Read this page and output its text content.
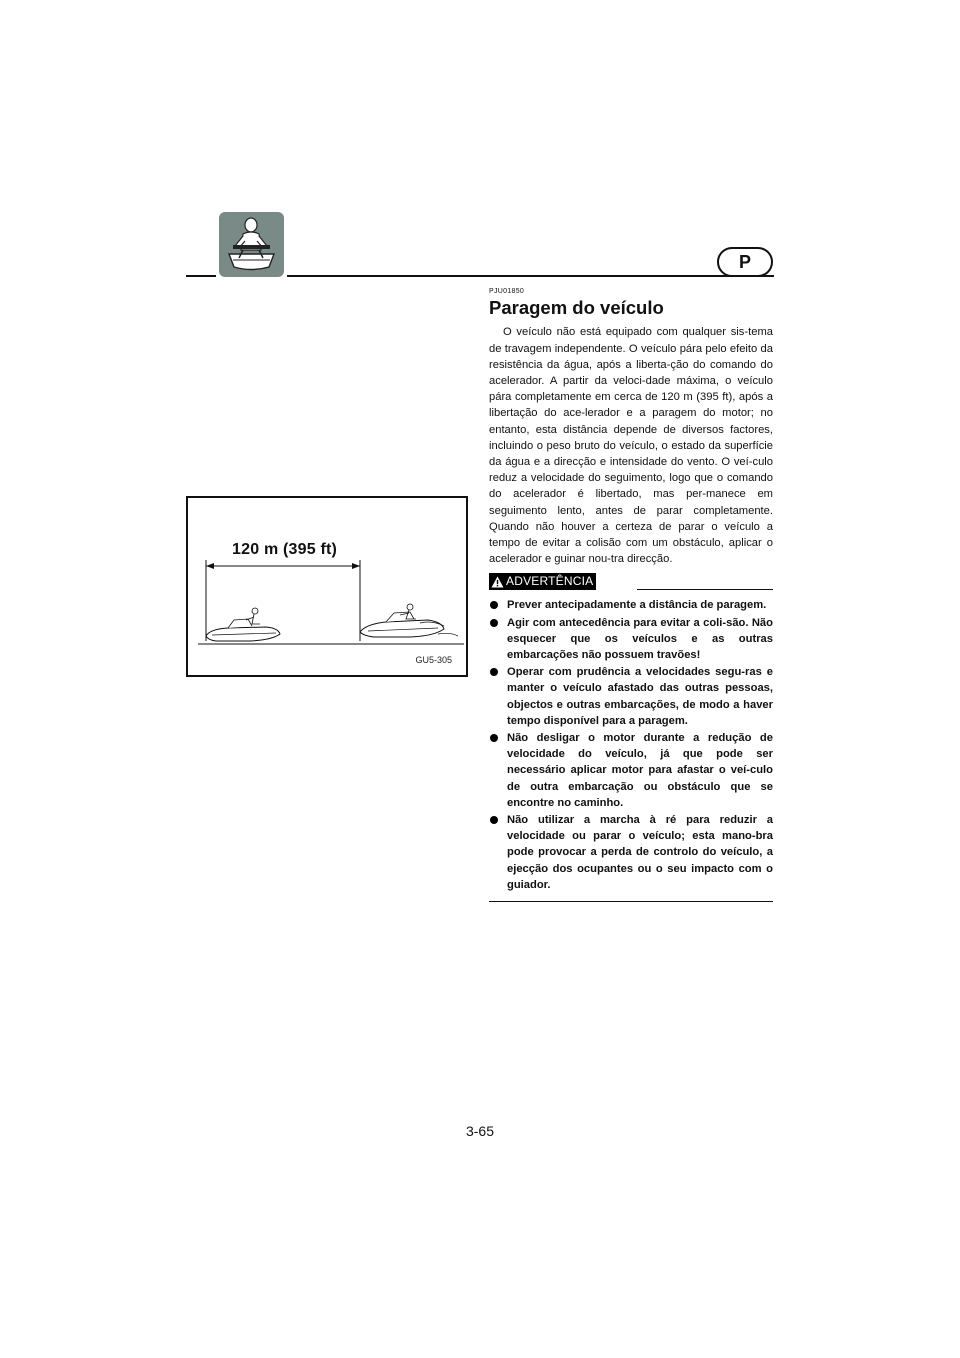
P
120 m (395 ft)
GU5-305

PJU01850

Paragem do veículo

O veículo não está equipado com qualquer sis-tema de travagem independente. O veículo pára pelo efeito da resistência da água, após a liberta-ção do comando do acelerador. A partir da veloci-dade máxima, o veículo pára completamente em cerca de 120 m (395 ft), após a libertação do ace-lerador e a paragem do motor; no entanto, esta distância depende de diversos factores, incluindo o peso bruto do veículo, o estado da superfície da água e a direcção e intensidade do vento. O veí-culo reduz a velocidade do seguimento, logo que o comando do acelerador é libertado, mas per-manece em seguimento lento, antes de parar completamente. Quando não houver a certeza de parar o veículo a tempo de evitar a colisão com um obstáculo, aplicar o acelerador e guinar nou-tra direcção.

ADVERTÊNCIA
Prever antecipadamente a distância de paragem.
Agir com antecedência para evitar a coli-são. Não esquecer que os veículos e as outras embarcações não possuem travões!
Operar com prudência a velocidades segu-ras e manter o veículo afastado das outras pessoas, objectos e outras embarcações, de modo a haver tempo disponível para a paragem.
Não desligar o motor durante a redução de velocidade do veículo, já que pode ser necessário aplicar motor para afastar o veí-culo de outra embarcação ou obstáculo que se encontre no caminho.
Não utilizar a marcha à ré para reduzir a velocidade ou parar o veículo; esta mano-bra pode provocar a perda de controlo do veículo, a ejecção dos ocupantes ou o seu impacto com o guiador.
3-65
